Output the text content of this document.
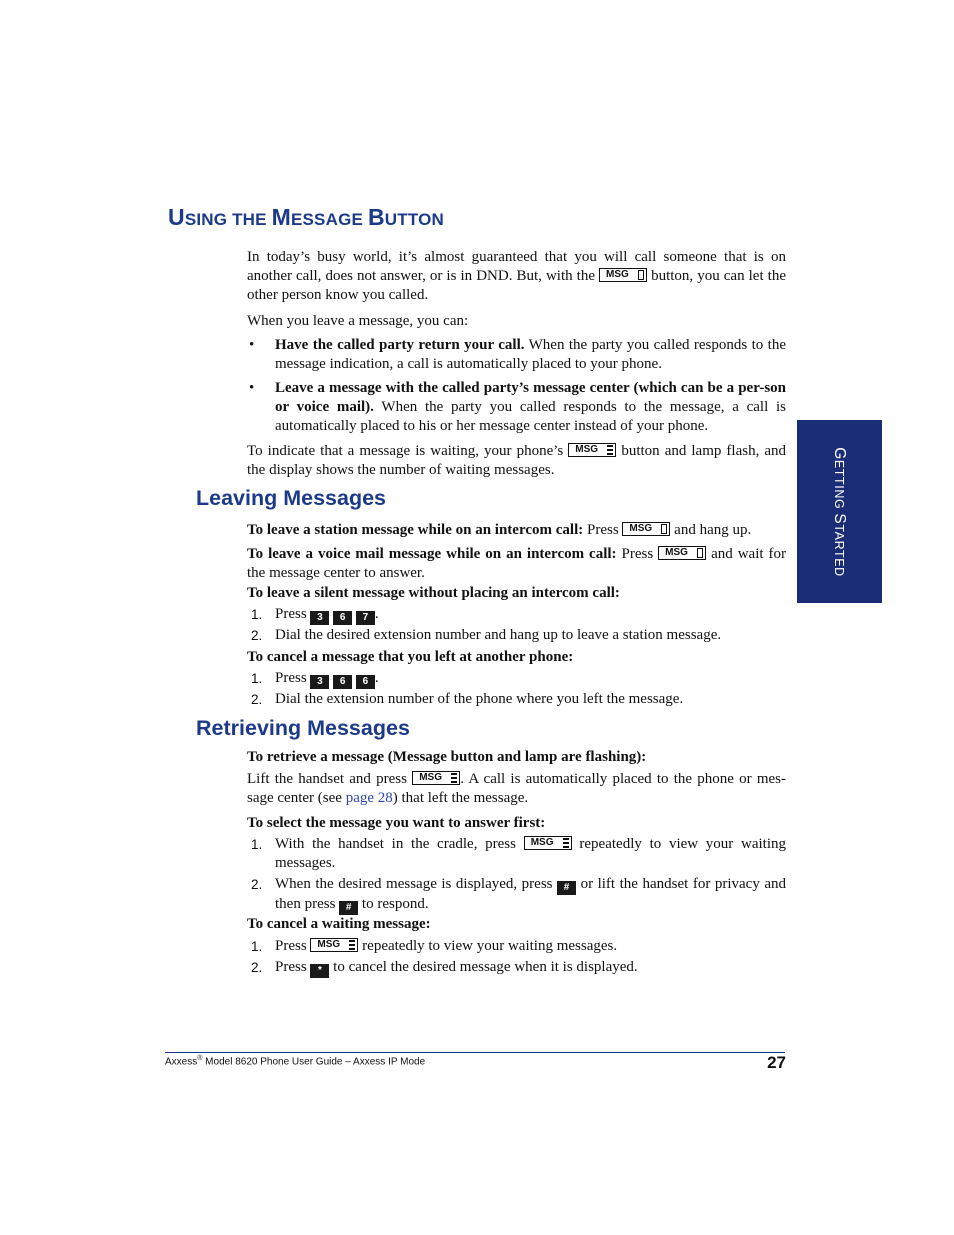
USING THE MESSAGE BUTTON

In today’s busy world, it’s almost guaranteed that you will call someone that is on another call, does not answer, or is in DND. But, with the MSG button, you can let the other person know you called.

When you leave a message, you can:

• Have the called party return your call. When the party you called responds to the message indication, a call is automatically placed to your phone.

• Leave a message with the called party’s message center (which can be a per-son or voice mail). When the party you called responds to the message, a call is automatically placed to his or her message center instead of your phone.

To indicate that a message is waiting, your phone’s MSG button and lamp flash, and the display shows the number of waiting messages.

Leaving Messages

To leave a station message while on an intercom call: Press MSG and hang up.

To leave a voice mail message while on an intercom call: Press MSG and wait for the message center to answer.

To leave a silent message without placing an intercom call:

1. Press 3 6 7 .

2. Dial the desired extension number and hang up to leave a station message.

To cancel a message that you left at another phone:

1. Press 3 6 6 .

2. Dial the extension number of the phone where you left the message.

Retrieving Messages

To retrieve a message (Message button and lamp are flashing):

Lift the handset and press MSG . A call is automatically placed to the phone or mes-sage center (see page 28) that left the message.

To select the message you want to answer first:

1. With the handset in the cradle, press MSG repeatedly to view your waiting messages.

2. When the desired message is displayed, press # or lift the handset for privacy and then press # to respond.

To cancel a waiting message:

1. Press MSG repeatedly to view your waiting messages.

2. Press * to cancel the desired message when it is displayed.

GETTING STARTED

Axxess® Model 8620 Phone User Guide – Axxess IP Mode	27
